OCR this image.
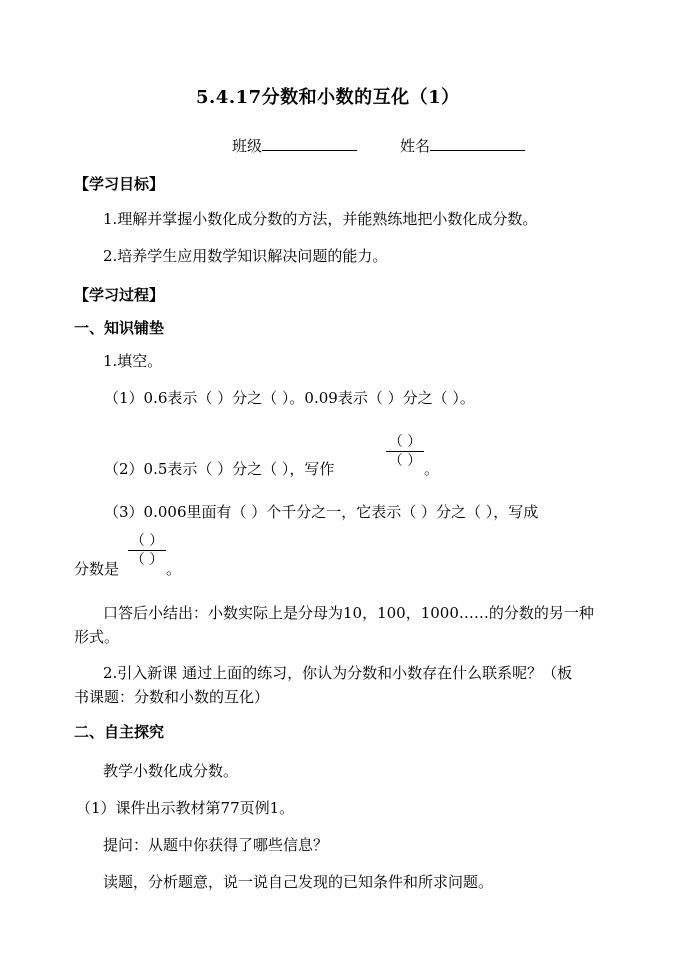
5.4.17分数和小数的互化（1）
班级	姓名
【学习目标】
1.理解并掌握小数化成分数的方法，并能熟练地把小数化成分数。
2.培养学生应用数学知识解决问题的能力。
【学习过程】
一、知识铺垫
1.填空。
（1）0.6表示（ ）分之（ ）。0.09表示（ ）分之（ ）。
（2）0.5表示（ ）分之（ ），写作
（ ）
（ ） 。
（3）0.006里面有（ ）个千分之一，它表示（ ）分之（ ），写成
分数是
（ ）
（ ） 。
口答后小结出：小数实际上是分母为10，100，1000……的分数的另一种
形式。
2.引入新课 通过上面的练习，你认为分数和小数存在什么联系呢？（板
书课题：分数和小数的互化）
二、自主探究
教学小数化成分数。
（1）课件出示教材第77页例1。
提问：从题中你获得了哪些信息？
读题，分析题意，说一说自己发现的已知条件和所求问题。
